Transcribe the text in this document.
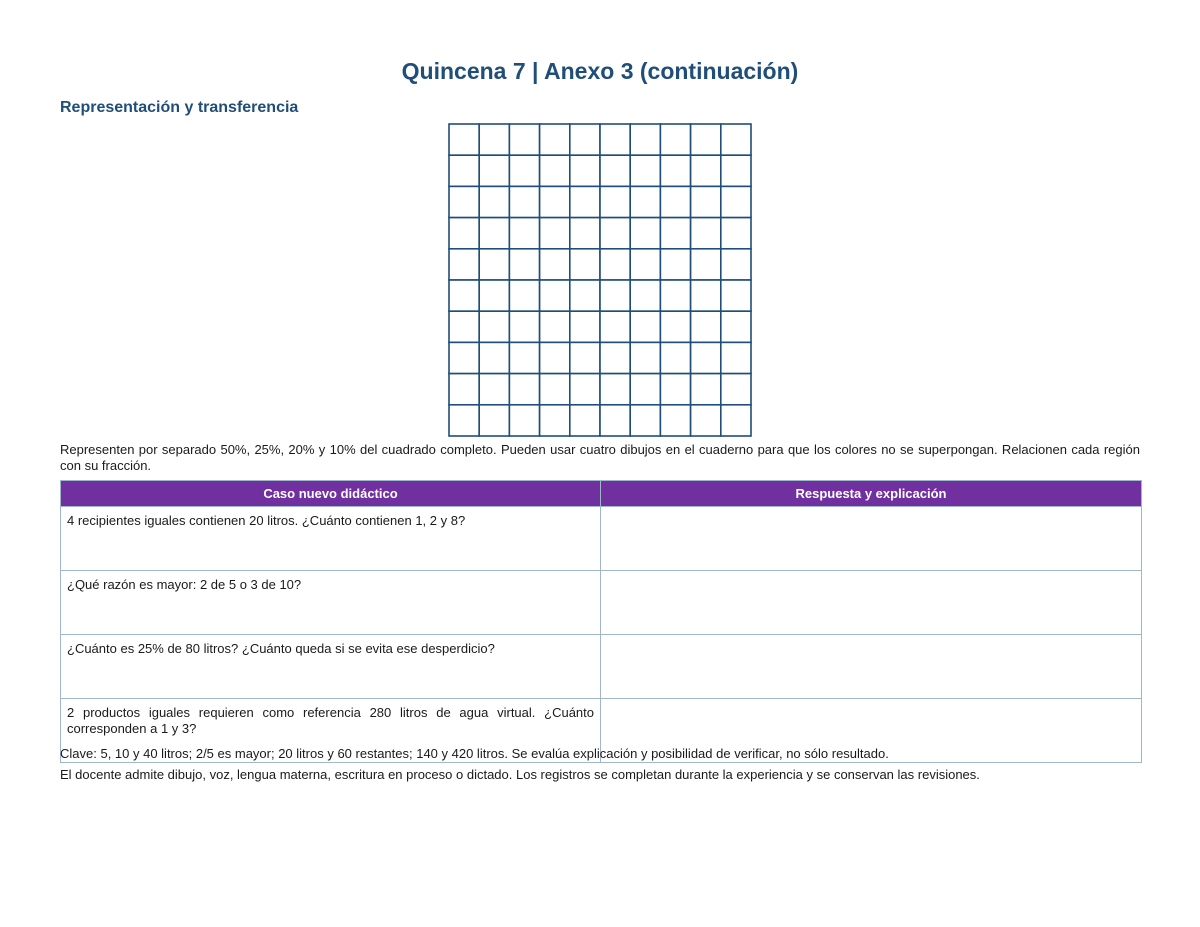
Quincena 7 | Anexo 3 (continuación)
Representación y transferencia
Representen por separado 50%, 25%, 20% y 10% del cuadrado completo. Pueden usar cuatro dibujos en el cuaderno para que los colores no se superpongan. Relacionen cada región con su fracción.
Caso nuevo didáctico	Respuesta y explicación
4 recipientes iguales contienen 20 litros. ¿Cuánto contienen 1, 2 y 8?	
¿Qué razón es mayor: 2 de 5 o 3 de 10?	
¿Cuánto es 25% de 80 litros? ¿Cuánto queda si se evita ese desperdicio?	
2 productos iguales requieren como referencia 280 litros de agua virtual. ¿Cuánto corresponden a 1 y 3?	

Clave: 5, 10 y 40 litros; 2/5 es mayor; 20 litros y 60 restantes; 140 y 420 litros. Se evalúa explicación y posibilidad de verificar, no sólo resultado.

El docente admite dibujo, voz, lengua materna, escritura en proceso o dictado. Los registros se completan durante la experiencia y se conservan las revisiones.
